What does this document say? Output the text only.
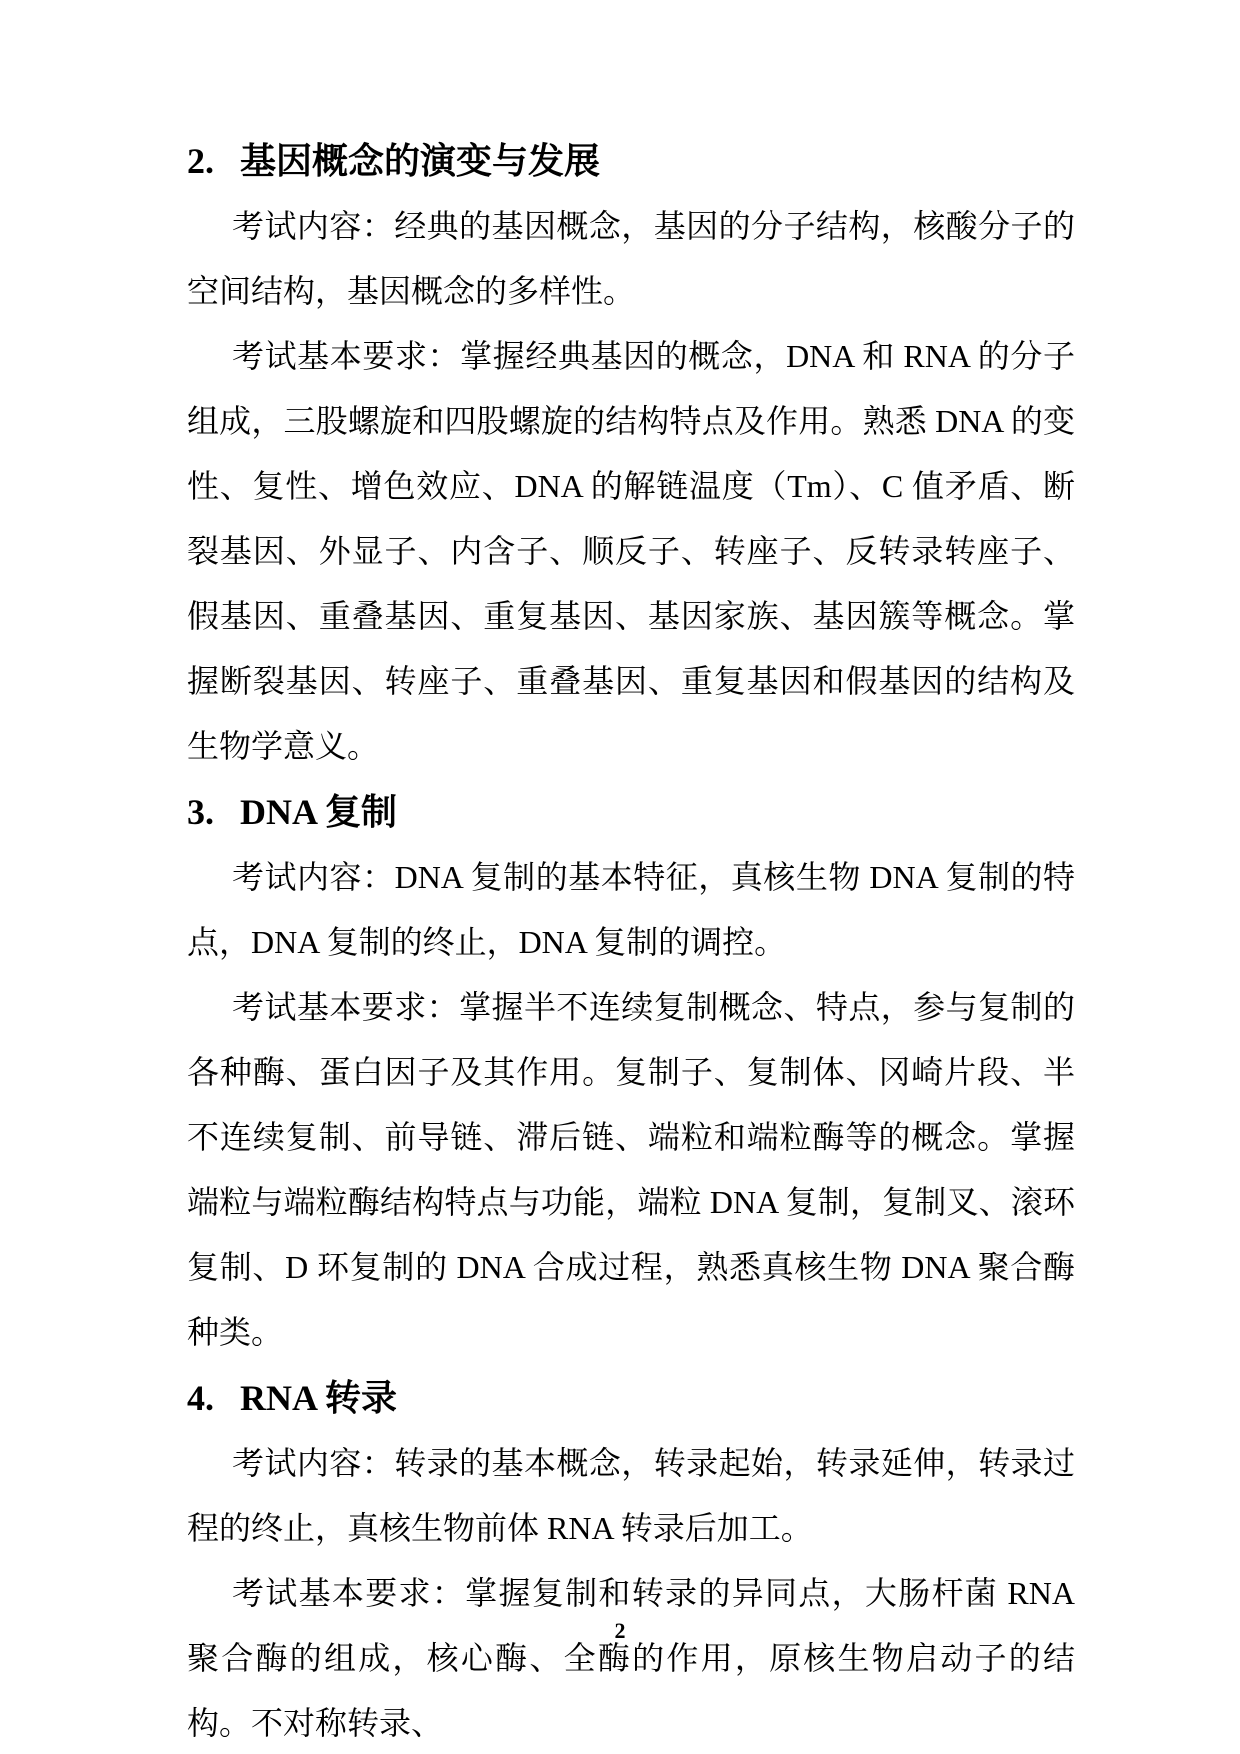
2. 基因概念的演变与发展

考试内容：经典的基因概念，基因的分子结构，核酸分子的空间结构，基因概念的多样性。

考试基本要求：掌握经典基因的概念，DNA 和 RNA 的分子组成，三股螺旋和四股螺旋的结构特点及作用。熟悉 DNA 的变性、复性、增色效应、DNA 的解链温度（Tm）、C 值矛盾、断裂基因、外显子、内含子、顺反子、转座子、反转录转座子、假基因、重叠基因、重复基因、基因家族、基因簇等概念。掌握断裂基因、转座子、重叠基因、重复基因和假基因的结构及生物学意义。

3. DNA 复制

考试内容：DNA 复制的基本特征，真核生物 DNA 复制的特点，DNA 复制的终止，DNA 复制的调控。

考试基本要求：掌握半不连续复制概念、特点，参与复制的各种酶、蛋白因子及其作用。复制子、复制体、冈崎片段、半不连续复制、前导链、滞后链、端粒和端粒酶等的概念。掌握端粒与端粒酶结构特点与功能，端粒 DNA 复制，复制叉、滚环复制、D 环复制的 DNA 合成过程，熟悉真核生物 DNA 聚合酶种类。

4. RNA 转录

考试内容：转录的基本概念，转录起始，转录延伸，转录过程的终止，真核生物前体 RNA 转录后加工。

考试基本要求：掌握复制和转录的异同点，大肠杆菌 RNA 聚合酶的组成，核心酶、全酶的作用，原核生物启动子的结构。不对称转录、

2
